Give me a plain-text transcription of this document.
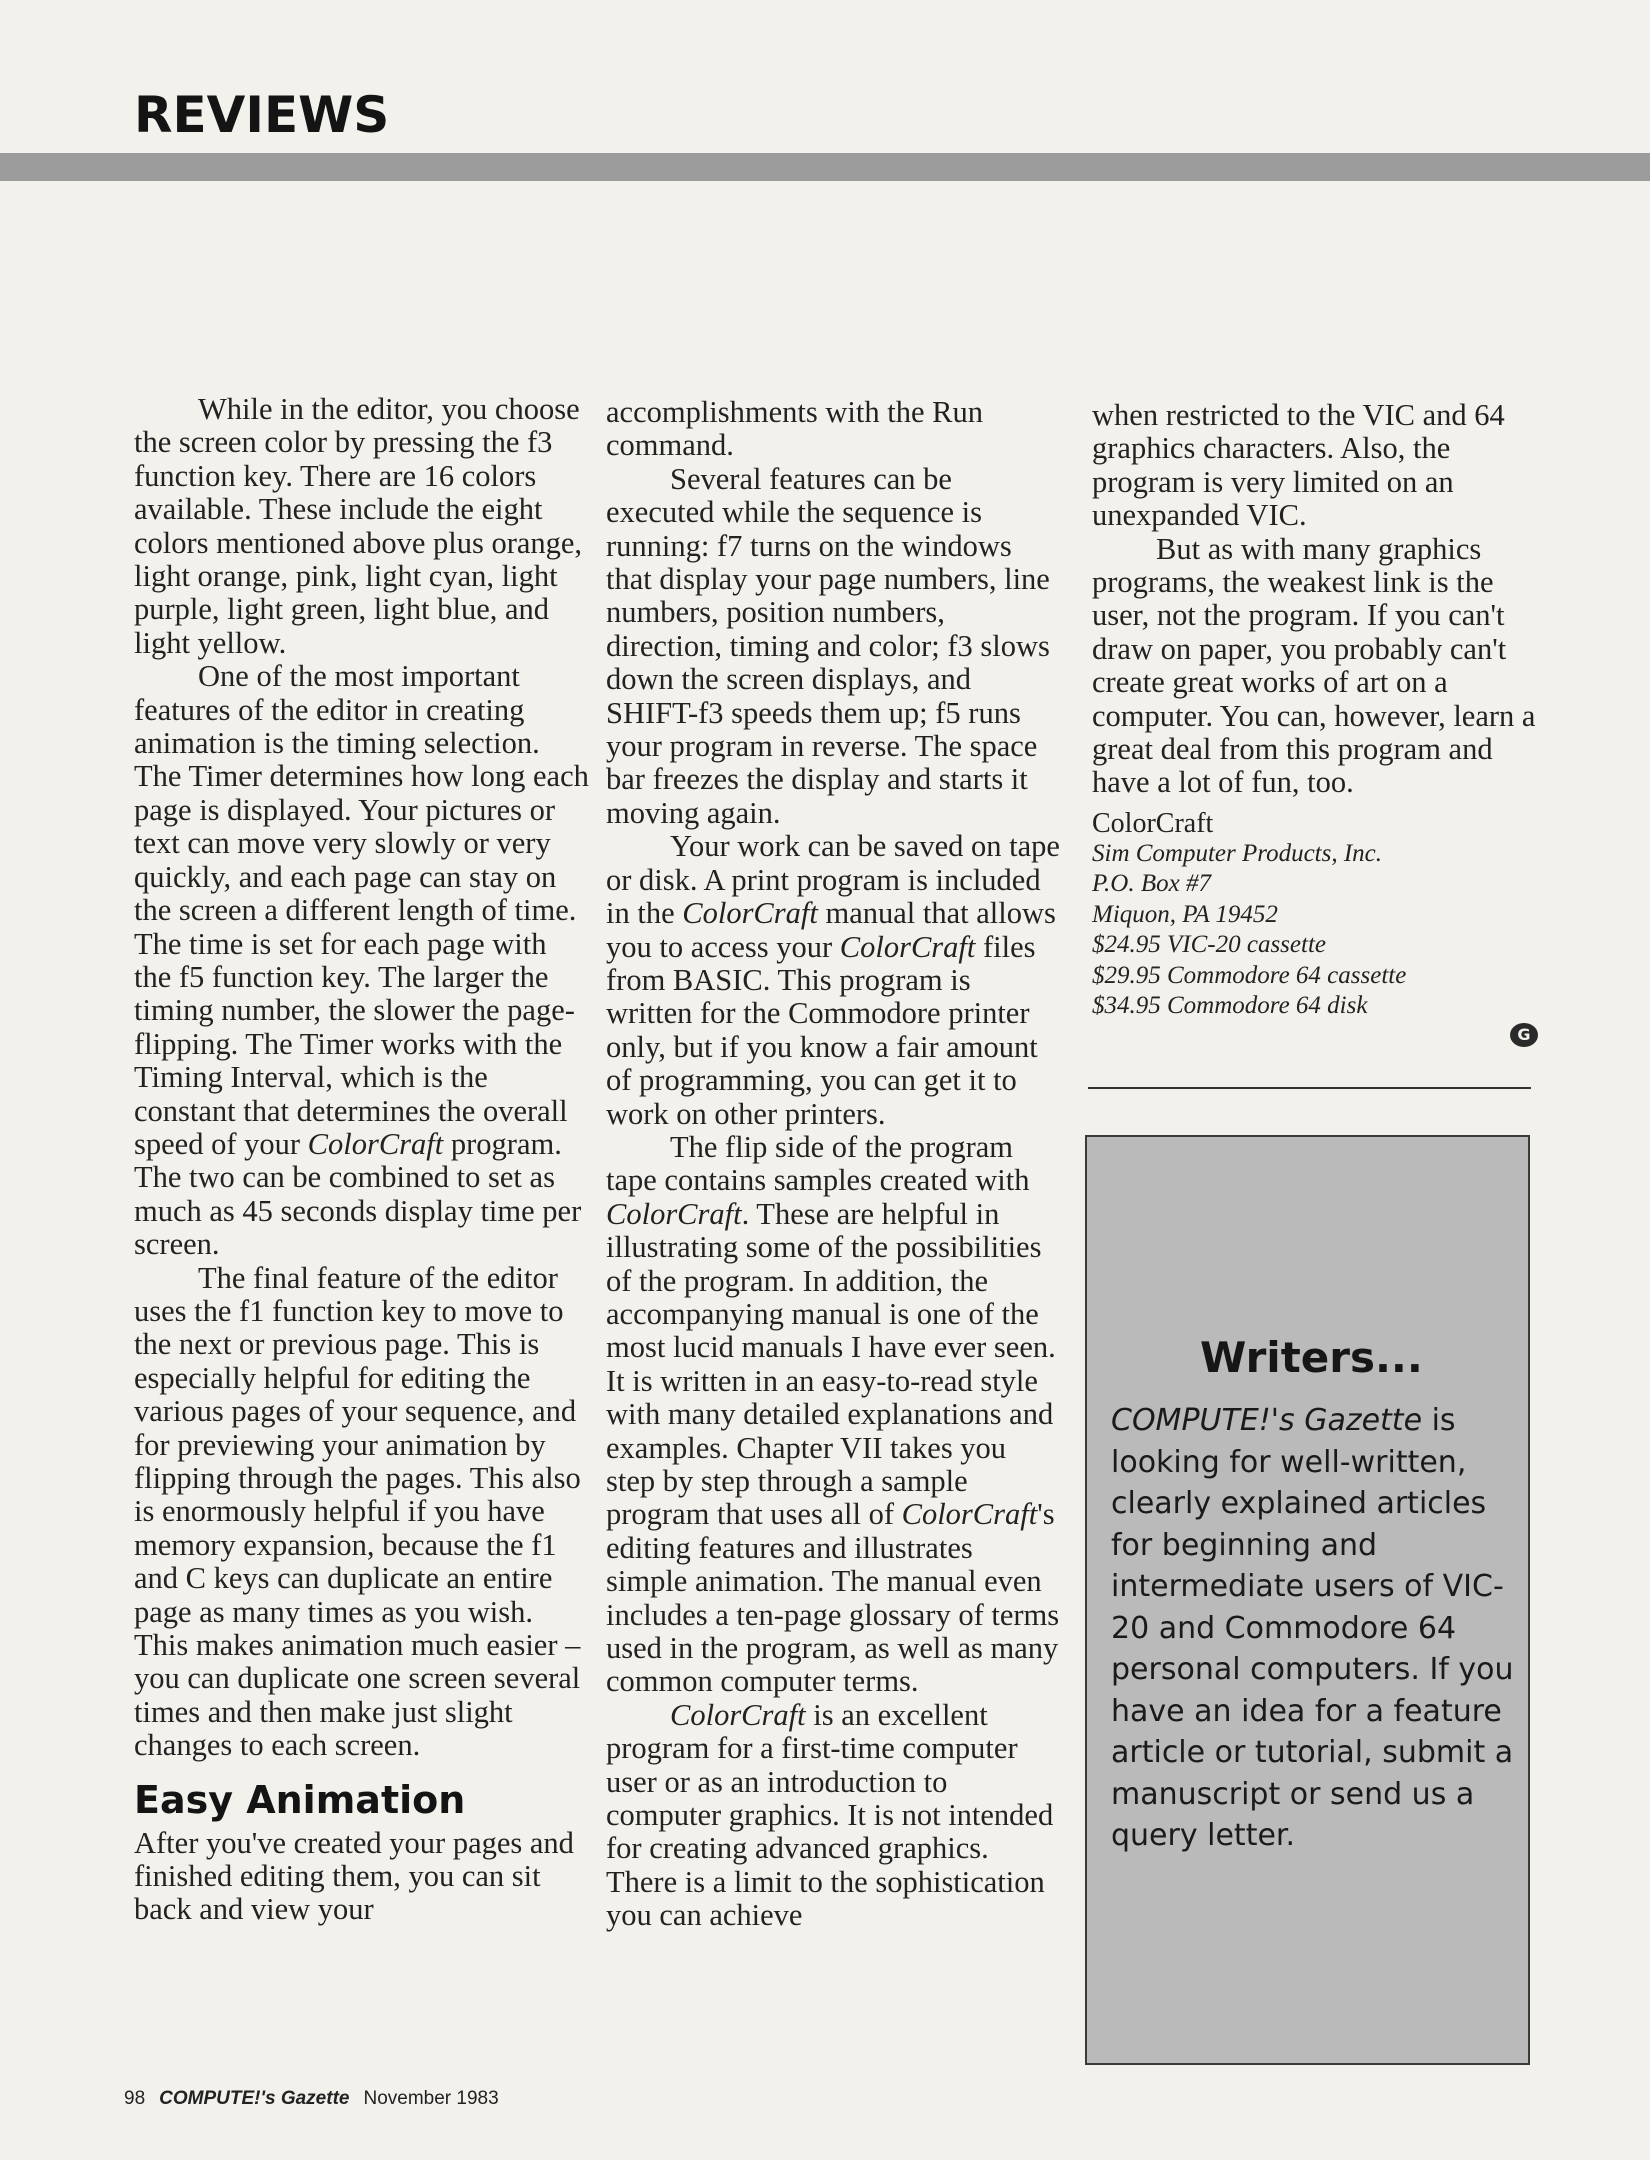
REVIEWS

While in the editor, you choose the screen color by pressing the f3 function key. There are 16 colors available. These include the eight colors mentioned above plus orange, light orange, pink, light cyan, light purple, light green, light blue, and light yellow.

One of the most important features of the editor in creating animation is the timing selection. The Timer determines how long each page is displayed. Your pictures or text can move very slowly or very quickly, and each page can stay on the screen a different length of time. The time is set for each page with the f5 function key. The larger the timing number, the slower the page-flipping. The Timer works with the Timing Interval, which is the constant that determines the overall speed of your ColorCraft program. The two can be combined to set as much as 45 seconds display time per screen.

The final feature of the editor uses the f1 function key to move to the next or previous page. This is especially helpful for editing the various pages of your sequence, and for previewing your animation by flipping through the pages. This also is enormously helpful if you have memory expansion, because the f1 and C keys can duplicate an entire page as many times as you wish. This makes animation much easier – you can duplicate one screen several times and then make just slight changes to each screen.

Easy Animation

After you've created your pages and finished editing them, you can sit back and view your

accomplishments with the Run command.

Several features can be executed while the sequence is running: f7 turns on the windows that display your page numbers, line numbers, position numbers, direction, timing and color; f3 slows down the screen displays, and SHIFT-f3 speeds them up; f5 runs your program in reverse. The space bar freezes the display and starts it moving again.

Your work can be saved on tape or disk. A print program is included in the ColorCraft manual that allows you to access your ColorCraft files from BASIC. This program is written for the Commodore printer only, but if you know a fair amount of programming, you can get it to work on other printers.

The flip side of the program tape contains samples created with ColorCraft. These are helpful in illustrating some of the possibilities of the program. In addition, the accompanying manual is one of the most lucid manuals I have ever seen. It is written in an easy-to-read style with many detailed explanations and examples. Chapter VII takes you step by step through a sample program that uses all of ColorCraft's editing features and illustrates simple animation. The manual even includes a ten-page glossary of terms used in the program, as well as many common computer terms.

ColorCraft is an excellent program for a first-time computer user or as an introduction to computer graphics. It is not intended for creating advanced graphics. There is a limit to the sophistication you can achieve

when restricted to the VIC and 64 graphics characters. Also, the program is very limited on an unexpanded VIC.

But as with many graphics programs, the weakest link is the user, not the program. If you can't draw on paper, you probably can't create great works of art on a computer. You can, however, learn a great deal from this program and have a lot of fun, too.

ColorCraft
Sim Computer Products, Inc.
P.O. Box #7
Miquon, PA 19452
$24.95 VIC-20 cassette
$29.95 Commodore 64 cassette
$34.95 Commodore 64 disk
G
Writers...

COMPUTE!'s Gazette is looking for well-written, clearly explained articles for beginning and intermediate users of VIC-20 and Commodore 64 personal computers. If you have an idea for a feature article or tutorial, submit a manuscript or send us a query letter.

98 COMPUTE!'s Gazette November 1983
